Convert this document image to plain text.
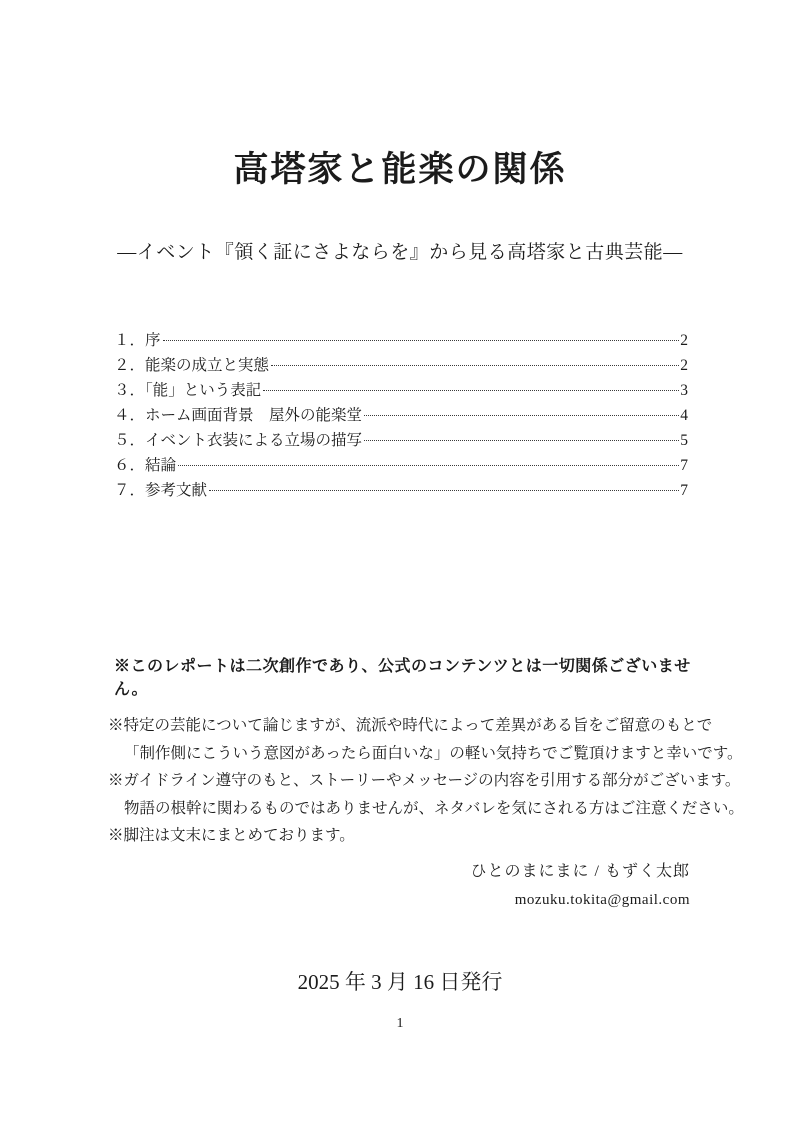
高塔家と能楽の関係
―イベント『領く証にさよならを』から見る高塔家と古典芸能―
１．序	2
２．能楽の成立と実態	2
３．「能」という表記	3
４．ホーム画面背景　屋外の能楽堂	4
５．イベント衣装による立場の描写	5
６．結論	7
７．参考文献	7
※このレポートは二次創作であり、公式のコンテンツとは一切関係ございません。
※特定の芸能について論じますが、流派や時代によって差異がある旨をご留意のもとで
「制作側にこういう意図があったら面白いな」の軽い気持ちでご覧頂けますと幸いです。
※ガイドライン遵守のもと、ストーリーやメッセージの内容を引用する部分がございます。
物語の根幹に関わるものではありませんが、ネタバレを気にされる方はご注意ください。
※脚注は文末にまとめております。
ひとのまにまに / もずく太郎
mozuku.tokita@gmail.com
2025 年 3 月 16 日発行
1
